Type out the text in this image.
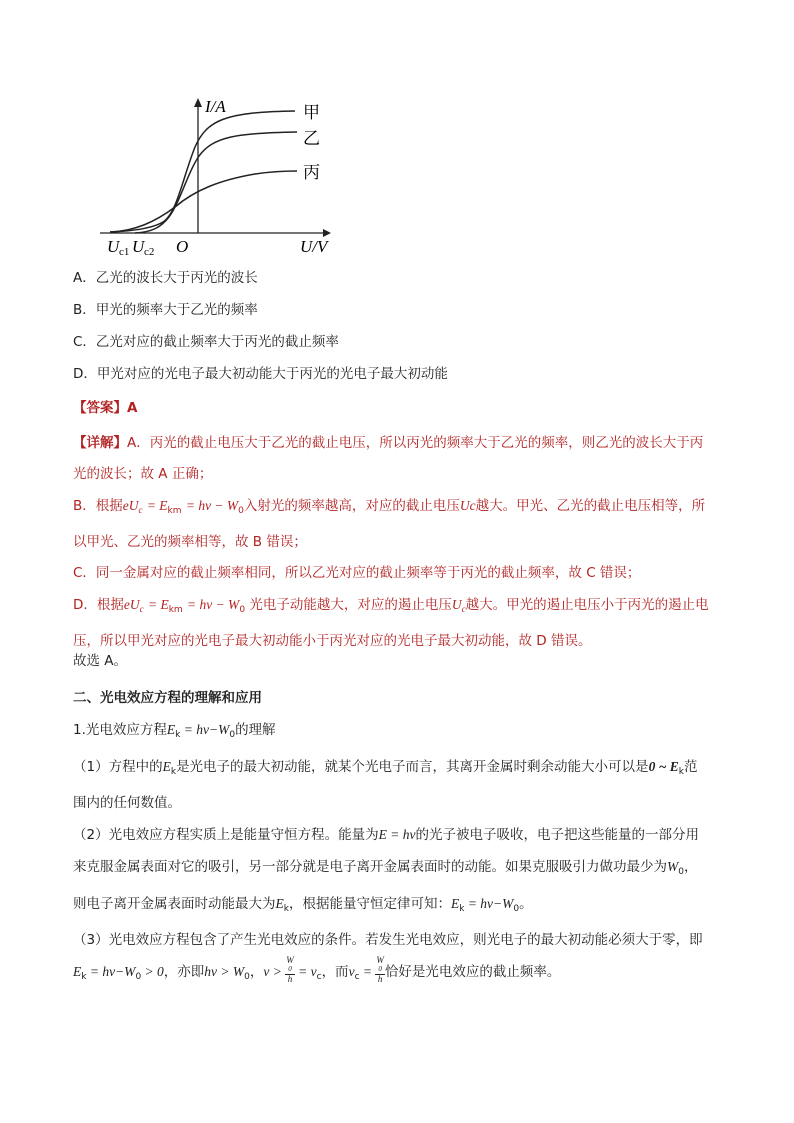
I/A
U/V
O
U c1 U c2
甲
乙
丙

A．乙光的波长大于丙光的波长

B．甲光的频率大于乙光的频率

C．乙光对应的截止频率大于丙光的截止频率

D．甲光对应的光电子最大初动能大于丙光的光电子最大初动能

【答案】A

【详解】A．丙光的截止电压大于乙光的截止电压，所以丙光的频率大于乙光的频率，则乙光的波长大于丙

光的波长；故 A 正确；

B．根据$eU_c = E_{km} = h\nu - W_0$入射光的频率越高，对应的截止电压Uc越大。甲光、乙光的截止电压相等，所

以甲光、乙光的频率相等，故 B 错误；

C．同一金属对应的截止频率相同，所以乙光对应的截止频率等于丙光的截止频率，故 C 错误；

D．根据$eU_c = E_{km} = h\nu - W_0$ 光电子动能越大，对应的遏止电压$U_c$越大。甲光的遏止电压小于丙光的遏止电

压，所以甲光对应的光电子最大初动能小于丙光对应的光电子最大初动能，故 D 错误。

故选 A。

二、光电效应方程的理解和应用

1.光电效应方程$E_k = h\nu-W_0$的理解

（1）方程中的$E_k$是光电子的最大初动能，就某个光电子而言，其离开金属时剩余动能大小可以是0 ~ $E_k$范

围内的任何数值。

（2）光电效应方程实质上是能量守恒方程。能量为E = hν的光子被电子吸收，电子把这些能量的一部分用

来克服金属表面对它的吸引，另一部分就是电子离开金属表面时的动能。如果克服吸引力做功最少为$W_0$，

则电子离开金属表面时动能最大为$E_k$，根据能量守恒定律可知：$E_k = h\nu-W_0$。

（3）光电效应方程包含了产生光电效应的条件。若发生光电效应，则光电子的最大初动能必须大于零，即

$E_k = h\nu-W_0 > 0$，亦即$h\nu > W_0$，ν > W
0
$h = \nu_c$，而$\nu_c = W$
0
h 恰好是光电效应的截止频率。
